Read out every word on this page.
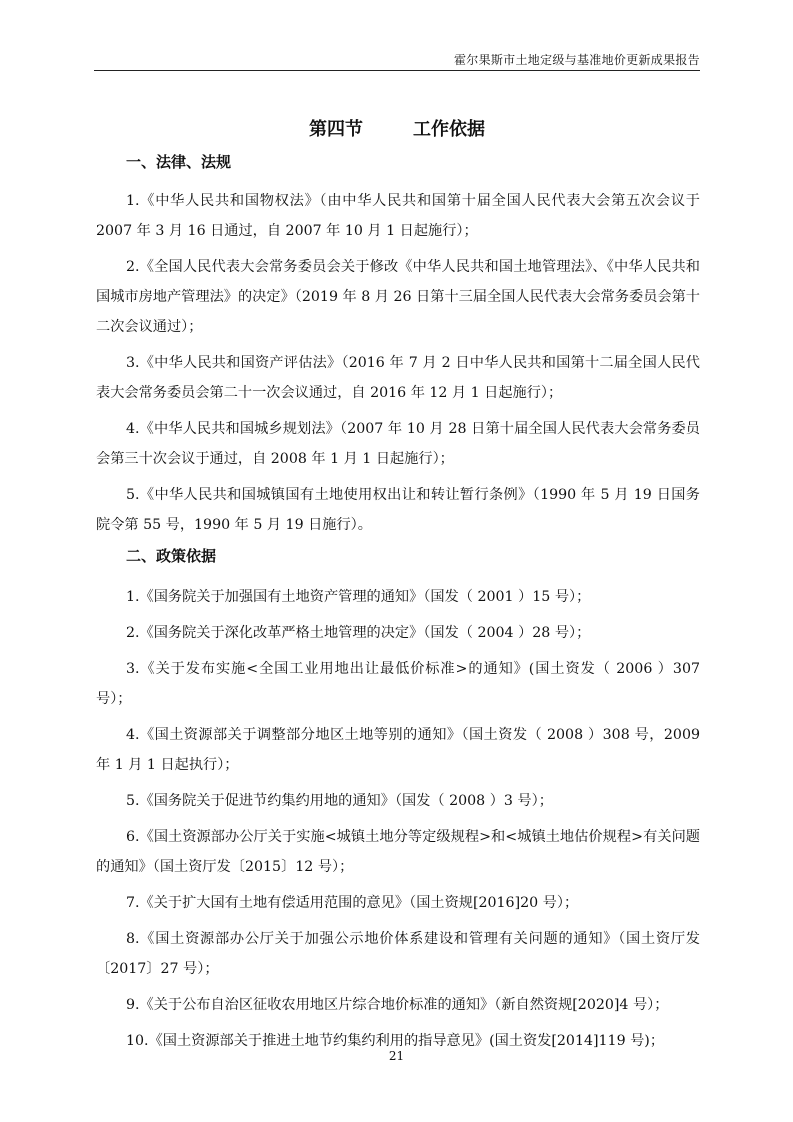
霍尔果斯市土地定级与基准地价更新成果报告
第四节	工作依据
一、法律、法规

1.《中华人民共和国物权法》（由中华人民共和国第十届全国人民代表大会第五次会议于 2007 年 3 月 16 日通过，自 2007 年 10 月 1 日起施行）；

2.《全国人民代表大会常务委员会关于修改《中华人民共和国土地管理法》、《中华人民共和国城市房地产管理法》的决定》（2019 年 8 月 26 日第十三届全国人民代表大会常务委员会第十二次会议通过）；

3.《中华人民共和国资产评估法》（2016 年 7 月 2 日中华人民共和国第十二届全国人民代表大会常务委员会第二十一次会议通过，自 2016 年 12 月 1 日起施行）；

4.《中华人民共和国城乡规划法》（2007 年 10 月 28 日第十届全国人民代表大会常务委员会第三十次会议于通过，自 2008 年 1 月 1 日起施行）；

5.《中华人民共和国城镇国有土地使用权出让和转让暂行条例》（1990 年 5 月 19 日国务院令第 55 号，1990 年 5 月 19 日施行）。

二、政策依据

1.《国务院关于加强国有土地资产管理的通知》（国发（ 2001 ）15 号）；

2.《国务院关于深化改革严格土地管理的决定》（国发（ 2004 ）28 号）；

3.《关于发布实施<全国工业用地出让最低价标准>的通知》(国土资发（ 2006 ）307 号）；

4.《国土资源部关于调整部分地区土地等别的通知》（国土资发（ 2008 ）308 号，2009 年 1 月 1 日起执行）；

5.《国务院关于促进节约集约用地的通知》（国发（ 2008 ）3 号）；

6.《国土资源部办公厅关于实施<城镇土地分等定级规程>和<城镇土地估价规程>有关问题的通知》（国土资厅发〔2015〕12 号）；

7.《关于扩大国有土地有偿适用范围的意见》（国土资规[2016]20 号）；

8.《国土资源部办公厅关于加强公示地价体系建设和管理有关问题的通知》（国土资厅发〔2017〕27 号）；

9.《关于公布自治区征收农用地区片综合地价标准的通知》（新自然资规[2020]4 号）；

10.《国土资源部关于推进土地节约集约利用的指导意见》(国土资发[2014]119 号)；

21
